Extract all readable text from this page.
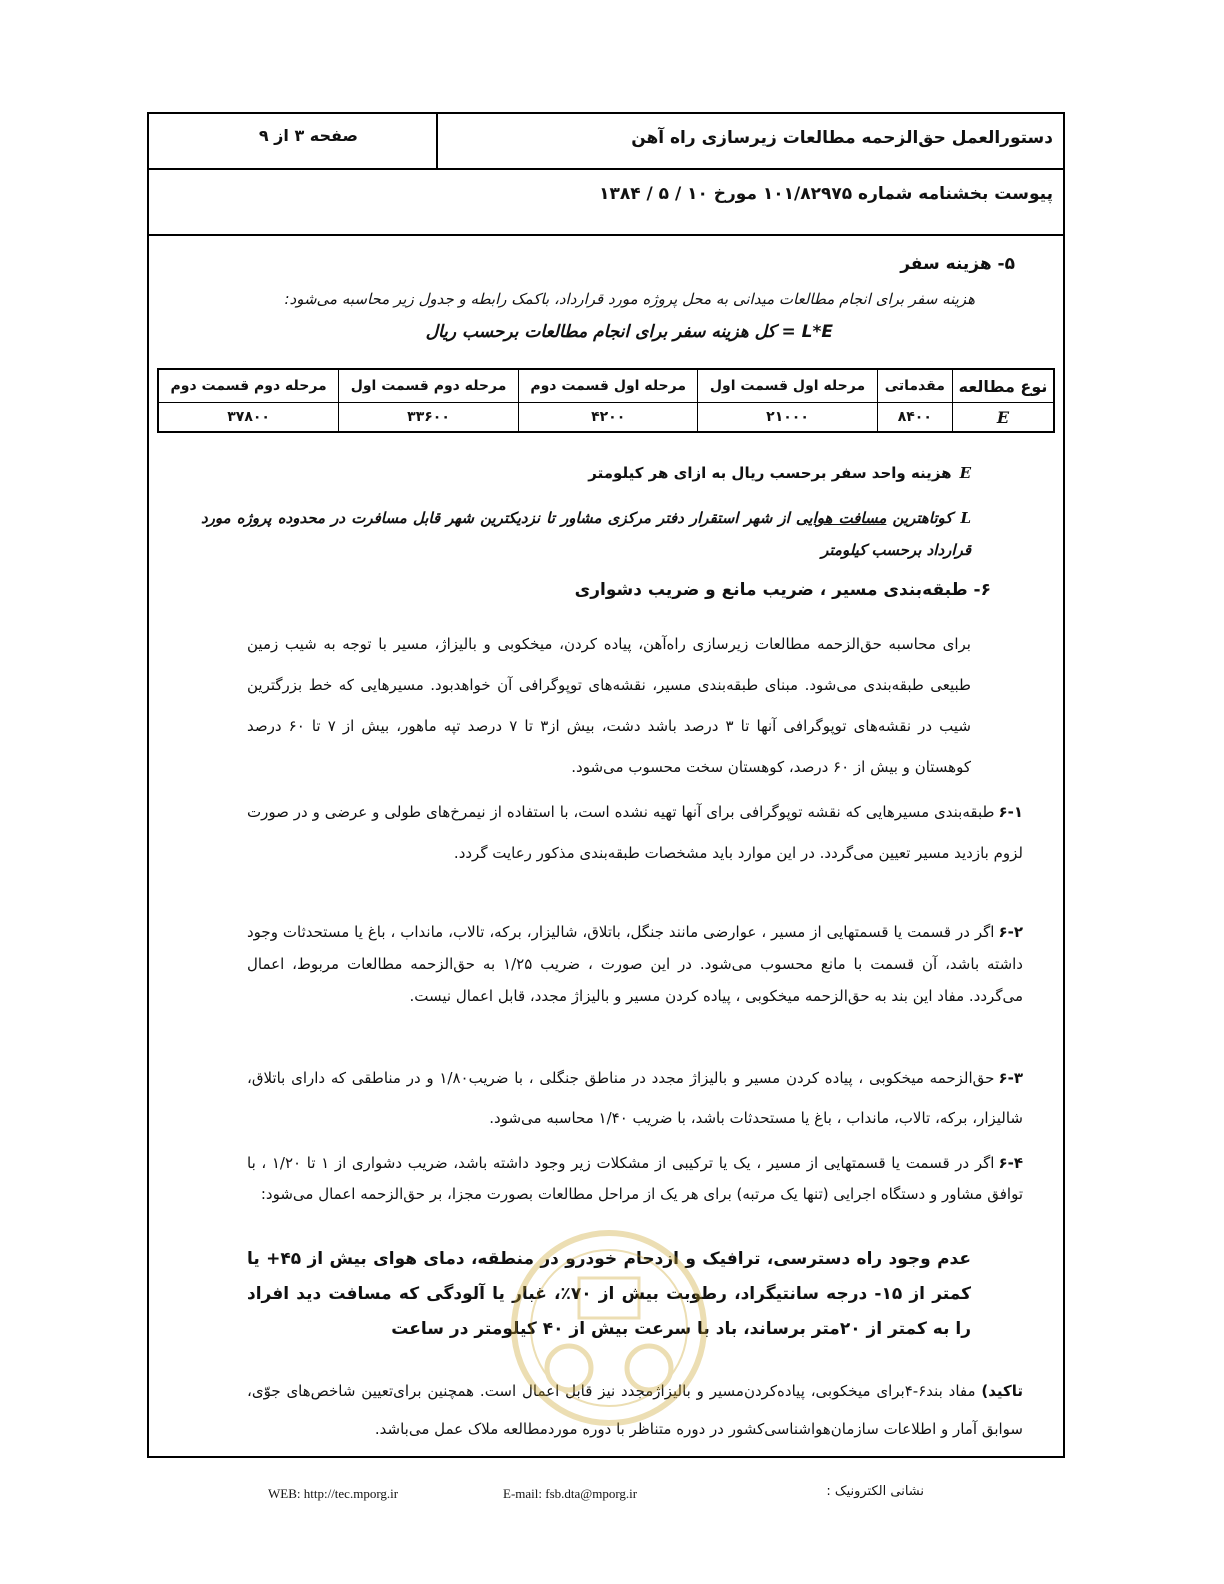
دستورالعمل حق‌الزحمه مطالعات زیرسازی راه آهن
صفحه ۳ از ۹
پیوست بخشنامه شماره ۱۰۱/۸۲۹۷۵ مورخ ۱۰ / ۵ / ۱۳۸۴
۵- هزینه سفر
هزینه سفر برای انجام مطالعات میدانی به محل پروژه مورد قرارداد، باکمک رابطه و جدول زیر محاسبه می‌شود:
L*E = کل هزینه سفر برای انجام مطالعات برحسب ریال
نوع مطالعه	مقدماتی	مرحله اول قسمت اول	مرحله اول قسمت دوم	مرحله دوم قسمت اول	مرحله دوم قسمت دوم
E	۸۴۰۰	۲۱۰۰۰	۴۲۰۰	۳۳۶۰۰	۳۷۸۰۰
Eهزینه واحد سفر برحسب ریال به ازای هر کیلومتر
Lکوتاهترین مسافت هوایی از شهر استقرار دفتر مرکزی مشاور تا نزدیکترین شهر قابل مسافرت در محدوده پروژه مورد قرارداد برحسب کیلومتر
۶- طبقه‌بندی مسیر ، ضریب مانع و ضریب دشواری
برای محاسبه حق‌الزحمه مطالعات زیرسازی راه‌آهن، پیاده کردن، میخکوبی و بالیزاژ، مسیر با توجه به شیب زمین طبیعی طبقه‌بندی می‌شود. مبنای طبقه‌بندی مسیر، نقشه‌های توپوگرافی آن خواهدبود. مسیرهایی که خط بزرگترین شیب در نقشه‌های توپوگرافی آنها تا ۳ درصد باشد دشت، بیش از۳ تا ۷ درصد تپه ماهور، بیش از ۷ تا ۶۰ درصد کوهستان و بیش از ۶۰ درصد، کوهستان سخت محسوب می‌شود.
۶-۱طبقه‌بندی مسیرهایی که نقشه توپوگرافی برای آنها تهیه نشده است، با استفاده از نیمرخ‌های طولی و عرضی و در صورت لزوم بازدید مسیر تعیین می‌گردد. در این موارد باید مشخصات طبقه‌بندی مذکور رعایت گردد.
۶-۲اگر در قسمت یا قسمتهایی از مسیر ، عوارضی مانند جنگل، باتلاق، شالیزار، برکه، تالاب، مانداب ، باغ یا مستحدثات وجود داشته باشد، آن قسمت با مانع محسوب می‌شود. در این صورت ، ضریب ۱/۲۵ به حق‌الزحمه مطالعات مربوط، اعمال می‌گردد. مفاد این بند به حق‌الزحمه میخکوبی ، پیاده کردن مسیر و بالیزاژ مجدد، قابل اعمال نیست.
۶-۳حق‌الزحمه میخکوبی ، پیاده کردن مسیر و بالیزاژ مجدد در مناطق جنگلی ، با ضریب۱/۸۰ و در مناطقی که دارای باتلاق، شالیزار، برکه، تالاب، مانداب ، باغ یا مستحدثات باشد، با ضریب ۱/۴۰ محاسبه می‌شود.
۶-۴اگر در قسمت یا قسمتهایی از مسیر ، یک یا ترکیبی از مشکلات زیر وجود داشته باشد، ضریب دشواری از ۱ تا ۱/۲۰ ، با توافق مشاور و دستگاه اجرایی (تنها یک مرتبه) برای هر یک از مراحل مطالعات بصورت مجزا، بر حق‌الزحمه اعمال می‌شود:
عدم وجود راه دسترسی، ترافیک و ازدحام خودرو در منطقه، دمای هوای بیش از ۴۵+ یا کمتر از ۱۵- درجه سانتیگراد، رطوبت بیش از ۷۰٪، غبار یا آلودگی که مسافت دید افراد را به کمتر از ۲۰متر برساند، باد با سرعت بیش از ۴۰ کیلومتر در ساعت
تاکید) مفاد بند۶-۴برای میخکوبی، پیاده‌کردن‌مسیر و بالیزاژمجدد نیز قابل اعمال است. همچنین برای‌تعیین شاخص‌های جوّی، سوابق آمار و اطلاعات سازمان‌هواشناسی‌کشور در دوره متناظر با دوره موردمطالعه ملاک عمل می‌باشد.
نشانی الکترونیک :
WEB: http://tec.mporg.ir	E-mail: fsb.dta@mporg.ir
